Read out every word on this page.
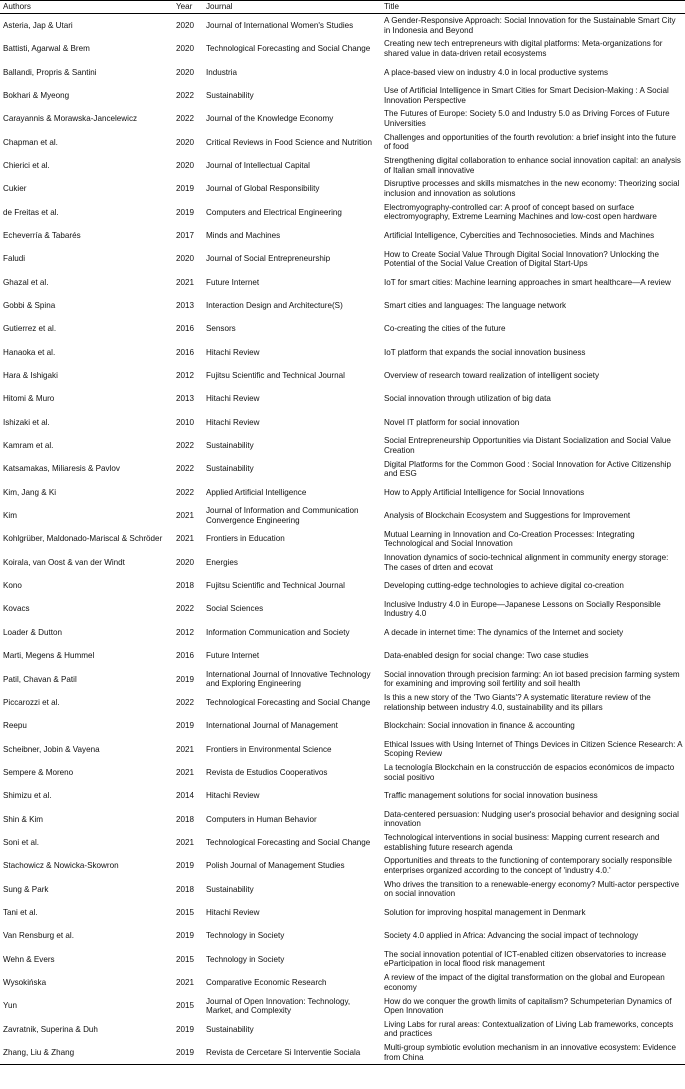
Authors	Year	Journal	Title
Asteria, Jap & Utari	2020	Journal of International Women's Studies	A Gender-Responsive Approach: Social Innovation for the Sustainable Smart City in Indonesia and Beyond
Battisti, Agarwal & Brem	2020	Technological Forecasting and Social Change	Creating new tech entrepreneurs with digital platforms: Meta-organizations for shared value in data-driven retail ecosystems
Ballandi, Propris & Santini	2020	Industria	A place-based view on industry 4.0 in local productive systems
Bokhari & Myeong	2022	Sustainability	Use of Artificial Intelligence in Smart Cities for Smart Decision-Making : A Social Innovation Perspective
Carayannis & Morawska-Jancelewicz	2022	Journal of the Knowledge Economy	The Futures of Europe: Society 5.0 and Industry 5.0 as Driving Forces of Future Universities
Chapman et al.	2020	Critical Reviews in Food Science and Nutrition	Challenges and opportunities of the fourth revolution: a brief insight into the future of food
Chierici et al.	2020	Journal of Intellectual Capital	Strengthening digital collaboration to enhance social innovation capital: an analysis of Italian small innovative
Cukier	2019	Journal of Global Responsibility	Disruptive processes and skills mismatches in the new economy: Theorizing social inclusion and innovation as solutions
de Freitas et al.	2019	Computers and Electrical Engineering	Electromyography-controlled car: A proof of concept based on surface electromyography, Extreme Learning Machines and low-cost open hardware
Echeverría & Tabarés	2017	Minds and Machines	Artificial Intelligence, Cybercities and Technosocieties. Minds and Machines
Faludi	2020	Journal of Social Entrepreneurship	How to Create Social Value Through Digital Social Innovation? Unlocking the Potential of the Social Value Creation of Digital Start-Ups
Ghazal et al.	2021	Future Internet	IoT for smart cities: Machine learning approaches in smart healthcare—A review
Gobbi & Spina	2013	Interaction Design and Architecture(S)	Smart cities and languages: The language network
Gutierrez et al.	2016	Sensors	Co-creating the cities of the future
Hanaoka et al.	2016	Hitachi Review	IoT platform that expands the social innovation business
Hara & Ishigaki	2012	Fujitsu Scientific and Technical Journal	Overview of research toward realization of intelligent society
Hitomi & Muro	2013	Hitachi Review	Social innovation through utilization of big data
Ishizaki et al.	2010	Hitachi Review	Novel IT platform for social innovation
Kamram et al.	2022	Sustainability	Social Entrepreneurship Opportunities via Distant Socialization and Social Value Creation
Katsamakas, Miliaresis & Pavlov	2022	Sustainability	Digital Platforms for the Common Good : Social Innovation for Active Citizenship and ESG
Kim, Jang & Ki	2022	Applied Artificial Intelligence	How to Apply Artificial Intelligence for Social Innovations
Kim	2021	Journal of Information and Communication Convergence Engineering	Analysis of Blockchain Ecosystem and Suggestions for Improvement
Kohlgrüber, Maldonado-Mariscal & Schröder	2021	Frontiers in Education	Mutual Learning in Innovation and Co-Creation Processes: Integrating Technological and Social Innovation
Koirala, van Oost & van der Windt	2020	Energies	Innovation dynamics of socio-technical alignment in community energy storage: The cases of drten and ecovat
Kono	2018	Fujitsu Scientific and Technical Journal	Developing cutting-edge technologies to achieve digital co-creation
Kovacs	2022	Social Sciences	Inclusive Industry 4.0 in Europe—Japanese Lessons on Socially Responsible Industry 4.0
Loader & Dutton	2012	Information Communication and Society	A decade in internet time: The dynamics of the Internet and society
Marti, Megens & Hummel	2016	Future Internet	Data-enabled design for social change: Two case studies
Patil, Chavan & Patil	2019	International Journal of Innovative Technology and Exploring Engineering	Social innovation through precision farming: An iot based precision farming system for examining and improving soil fertility and soil health
Piccarozzi et al.	2022	Technological Forecasting and Social Change	Is this a new story of the 'Two Giants'? A systematic literature review of the relationship between industry 4.0, sustainability and its pillars
Reepu	2019	International Journal of Management	Blockchain: Social innovation in finance & accounting
Scheibner, Jobin & Vayena	2021	Frontiers in Environmental Science	Ethical Issues with Using Internet of Things Devices in Citizen Science Research: A Scoping Review
Sempere & Moreno	2021	Revista de Estudios Cooperativos	La tecnología Blockchain en la construcción de espacios económicos de impacto social positivo
Shimizu et al.	2014	Hitachi Review	Traffic management solutions for social innovation business
Shin & Kim	2018	Computers in Human Behavior	Data-centered persuasion: Nudging user's prosocial behavior and designing social innovation
Soni et al.	2021	Technological Forecasting and Social Change	Technological interventions in social business: Mapping current research and establishing future research agenda
Stachowicz & Nowicka-Skowron	2019	Polish Journal of Management Studies	Opportunities and threats to the functioning of contemporary socially responsible enterprises organized according to the concept of 'industry 4.0.'
Sung & Park	2018	Sustainability	Who drives the transition to a renewable-energy economy? Multi-actor perspective on social innovation
Tani et al.	2015	Hitachi Review	Solution for improving hospital management in Denmark
Van Rensburg et al.	2019	Technology in Society	Society 4.0 applied in Africa: Advancing the social impact of technology
Wehn & Evers	2015	Technology in Society	The social innovation potential of ICT-enabled citizen observatories to increase eParticipation in local flood risk management
Wysokińska	2021	Comparative Economic Research	A review of the impact of the digital transformation on the global and European economy
Yun	2015	Journal of Open Innovation: Technology, Market, and Complexity	How do we conquer the growth limits of capitalism? Schumpeterian Dynamics of Open Innovation
Zavratnik, Superina & Duh	2019	Sustainability	Living Labs for rural areas: Contextualization of Living Lab frameworks, concepts and practices
Zhang, Liu & Zhang	2019	Revista de Cercetare Si Interventie Sociala	Multi-group symbiotic evolution mechanism in an innovative ecosystem: Evidence from China
